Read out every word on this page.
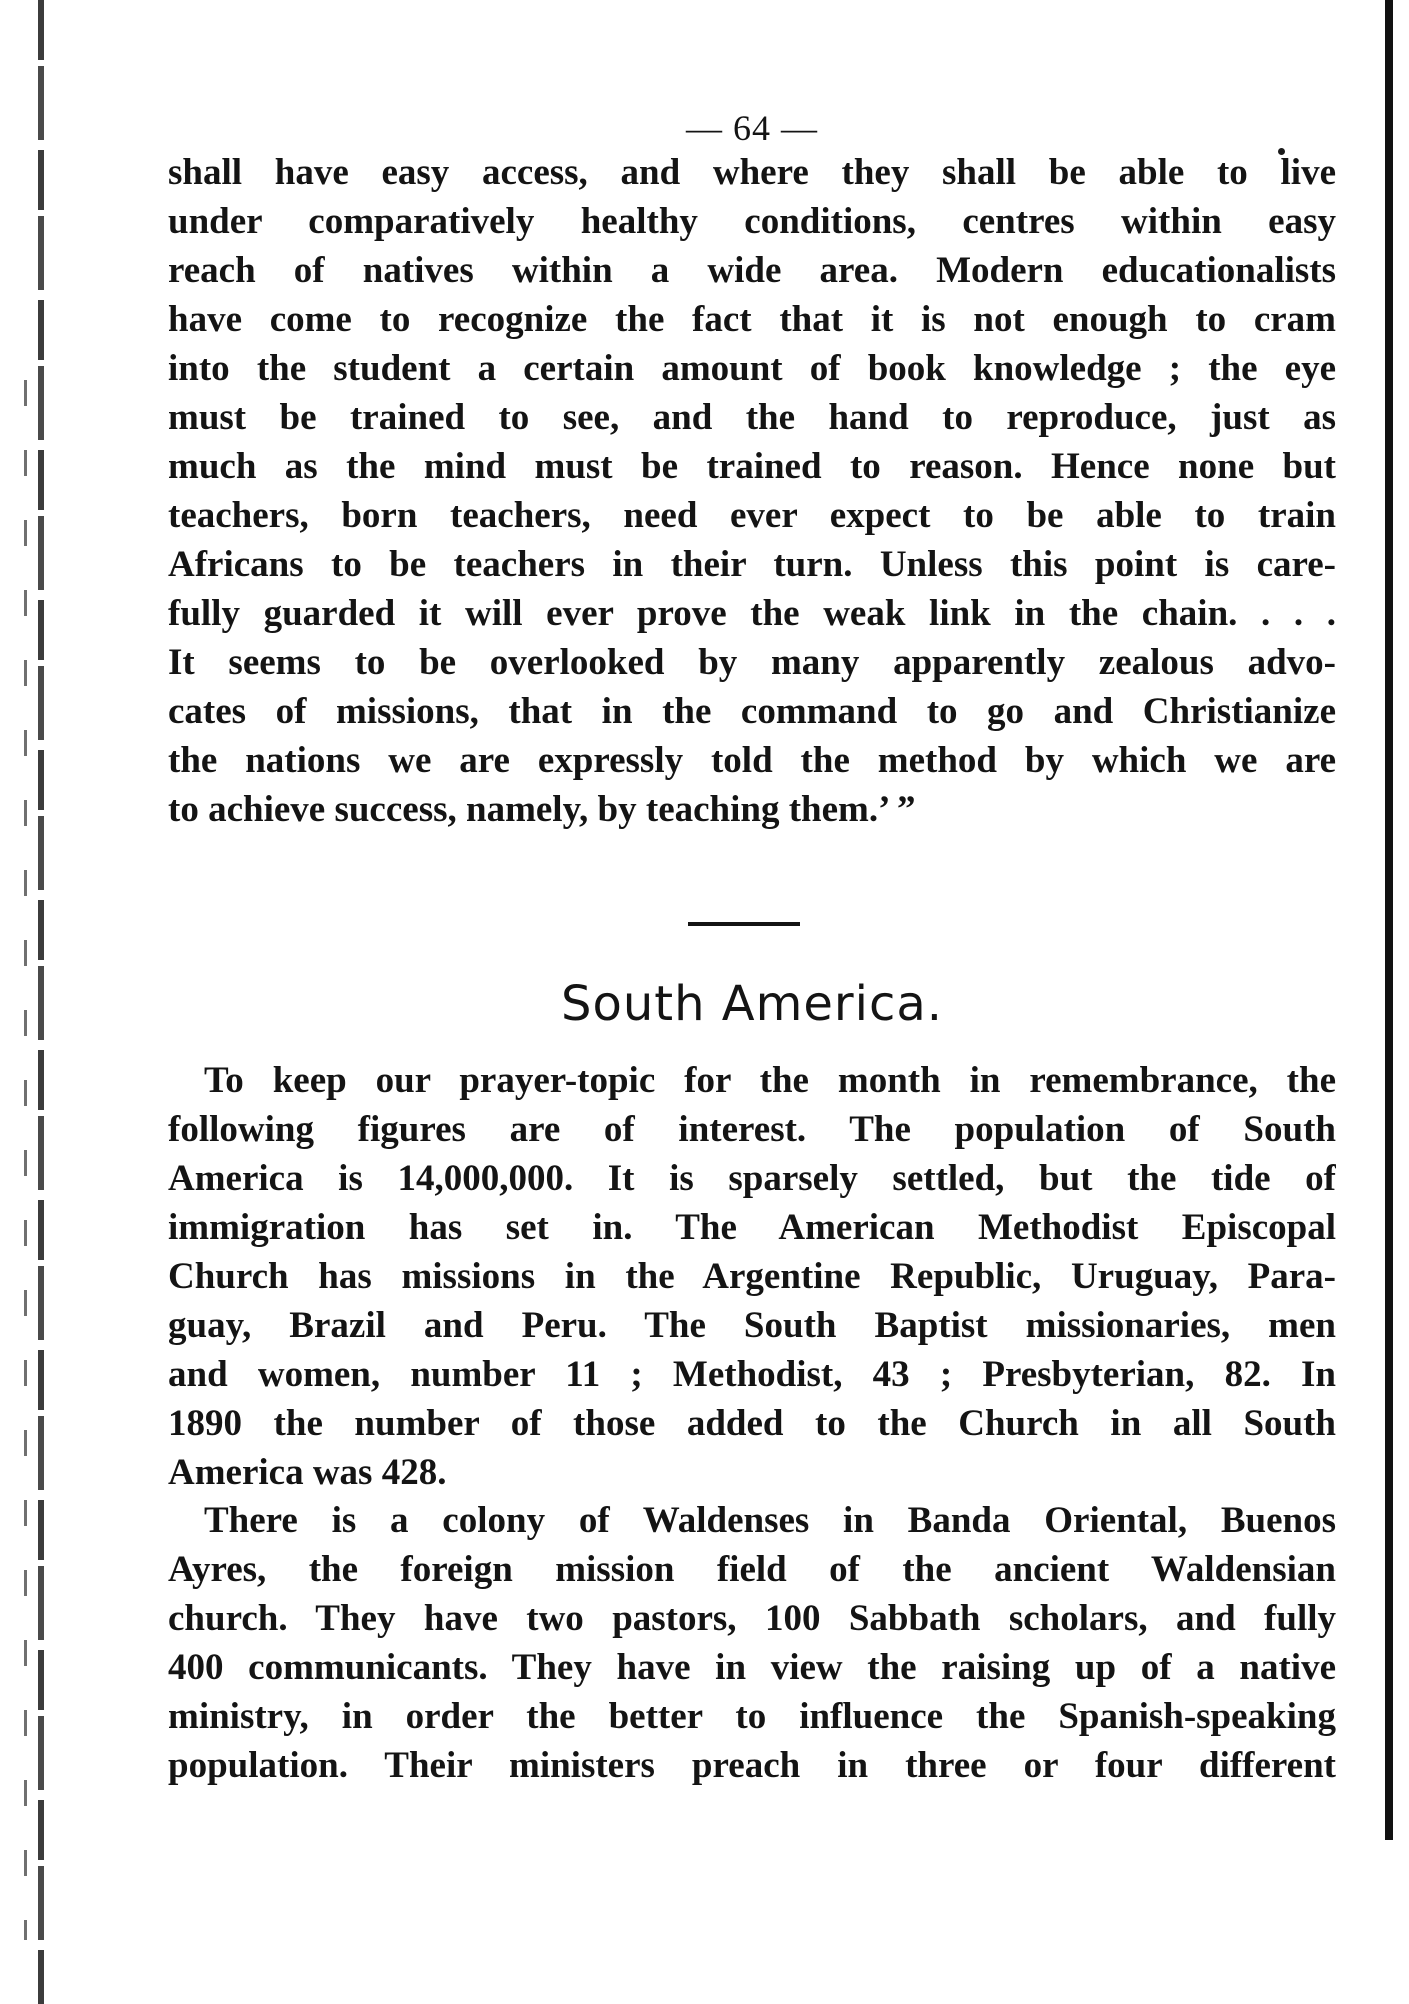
— 64 —
shall have easy access, and where they shall be able to live
under comparatively healthy conditions, centres within easy
reach of natives within a wide area. Modern educationalists
have come to recognize the fact that it is not enough to cram
into the student a certain amount of book knowledge ; the eye
must be trained to see, and the hand to reproduce, just as
much as the mind must be trained to reason. Hence none but
teachers, born teachers, need ever expect to be able to train
Africans to be teachers in their turn. Unless this point is care-
fully guarded it will ever prove the weak link in the chain. . . .
It seems to be overlooked by many apparently zealous advo-
cates of missions, that in the command to go and Christianize
the nations we are expressly told the method by which we are
to achieve success, namely, by teaching them.’ ”
South America.
To keep our prayer-topic for the month in remembrance, the
following figures are of interest. The population of South
America is 14,000,000. It is sparsely settled, but the tide of
immigration has set in. The American Methodist Episcopal
Church has missions in the Argentine Republic, Uruguay, Para-
guay, Brazil and Peru. The South Baptist missionaries, men
and women, number 11 ; Methodist, 43 ; Presbyterian, 82. In
1890 the number of those added to the Church in all South
America was 428.
There is a colony of Waldenses in Banda Oriental, Buenos
Ayres, the foreign mission field of the ancient Waldensian
church. They have two pastors, 100 Sabbath scholars, and fully
400 communicants. They have in view the raising up of a native
ministry, in order the better to influence the Spanish-speaking
population. Their ministers preach in three or four different
